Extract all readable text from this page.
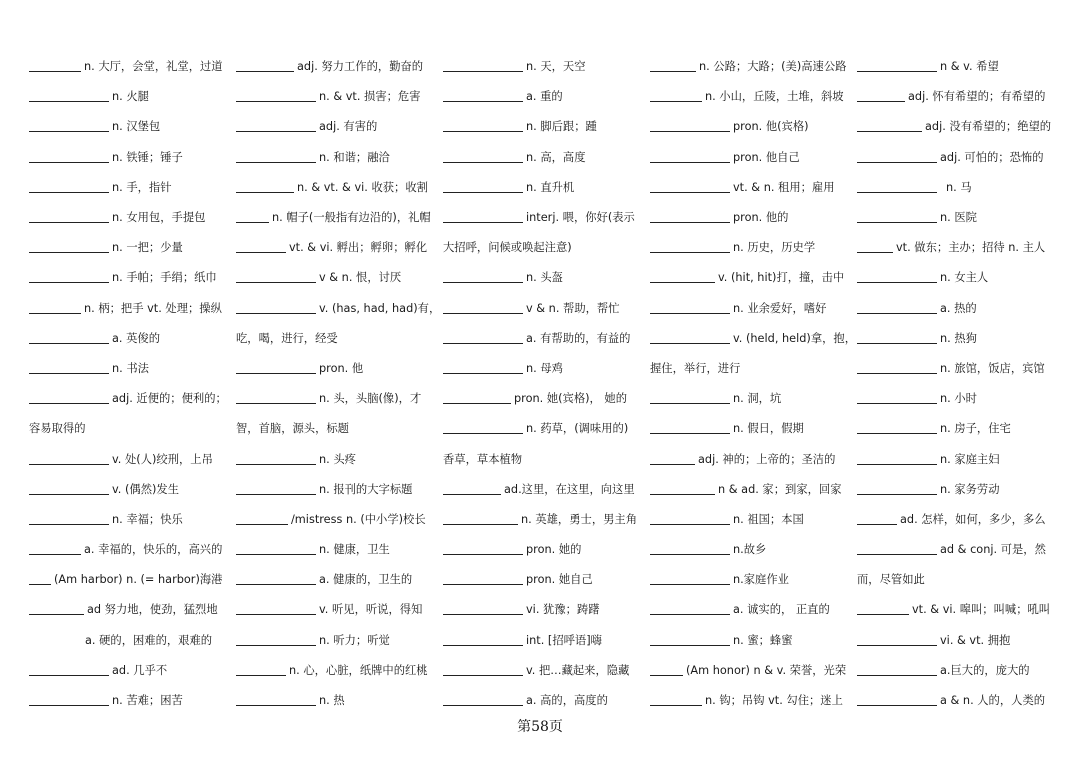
n. 大厅，会堂，礼堂，过道
n. 火腿
n. 汉堡包
n. 铁锤；锤子
n. 手，指针
n. 女用包，手提包
n. 一把；少量
n. 手帕；手绢；纸巾
n. 柄；把手 vt. 处理；操纵
a. 英俊的
n. 书法
adj. 近便的；便利的；
容易取得的
v. 处(人)绞刑，上吊
v. (偶然)发生
n. 幸福；快乐
a. 幸福的，快乐的，高兴的
(Am harbor) n. (= harbor)海港
ad 努力地，使劲，猛烈地
a. 硬的，困难的，艰难的
ad. 几乎不
n. 苦难；困苦
adj. 努力工作的，勤奋的
n. & vt. 损害；危害
adj. 有害的
n. 和谐；融洽
n. & vt. & vi. 收获；收割
n. 帽子(一般指有边沿的)，礼帽
vt. & vi. 孵出；孵卵；孵化
v & n. 恨，讨厌
v. (has, had, had)有，
吃，喝，进行，经受
pron. 他
n. 头，头脑(像)，才
智，首脑，源头，标题
n. 头疼
n. 报刊的大字标题
/mistress n. (中小学)校长
n. 健康，卫生
a. 健康的，卫生的
v. 听见，听说，得知
n. 听力；听觉
n. 心，心脏，纸牌中的红桃
n. 热
n. 天，天空
a. 重的
n. 脚后跟；踵
n. 高，高度
n. 直升机
interj. 喂，你好(表示
大招呼，问候或唤起注意)
n. 头盔
v & n. 帮助，帮忙
a. 有帮助的，有益的
n. 母鸡
pron. 她(宾格)， 她的
n. 药草，(调味用的)
香草，草本植物
ad.这里，在这里，向这里
n. 英雄，勇士，男主角
pron. 她的
pron. 她自己
vi. 犹豫；踌躇
int. [招呼语]嗨
v. 把…藏起来，隐藏
a. 高的，高度的
n. 公路；大路；(美)高速公路
n. 小山，丘陵，土堆，斜坡
pron. 他(宾格)
pron. 他自己
vt. & n. 租用；雇用
pron. 他的
n. 历史，历史学
v. (hit, hit)打，撞，击中
n. 业余爱好，嗜好
v. (held, held)拿，抱，
握住，举行，进行
n. 洞，坑
n. 假日，假期
adj. 神的；上帝的；圣洁的
n & ad. 家；到家，回家
n. 祖国；本国
n.故乡
n.家庭作业
a. 诚实的， 正直的
n. 蜜；蜂蜜
(Am honor) n & v. 荣誉，光荣
n. 钩；吊钩 vt. 勾住；迷上
n & v. 希望
adj. 怀有希望的；有希望的
adj. 没有希望的；绝望的
adj. 可怕的；恐怖的
n. 马
n. 医院
vt. 做东；主办；招待 n. 主人
n. 女主人
a. 热的
n. 热狗
n. 旅馆，饭店，宾馆
n. 小时
n. 房子，住宅
n. 家庭主妇
n. 家务劳动
ad. 怎样，如何，多少，多么
ad & conj. 可是，然
而，尽管如此
vt. & vi. 嗥叫；叫喊；吼叫
vi. & vt. 拥抱
a.巨大的，庞大的
a & n. 人的，人类的
第58页
